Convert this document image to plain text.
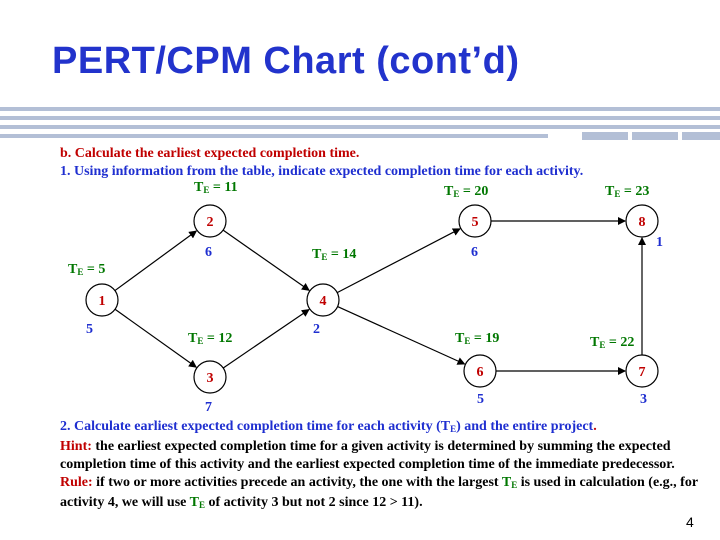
PERT/CPM Chart (cont’d)
b. Calculate the earliest expected completion time.
1. Using information from the table, indicate expected completion time for each activity.
1
2
3
4
5
6	7
8
5
$T_E = 5$
6
$T_E = 11$
7
$T_E = 12$
2
$T_E = 14$	6
$T_E = 20$
5
$T_E = 19$
3
$T_E = 22$
1
$T_E = 23$
2. Calculate earliest expected completion time for each activity $(T_E)$ and the entire project.
Hint: the earliest expected completion time for a given activity is determined by summing the expected completion time of this activity and the earliest expected completion time of the immediate predecessor.
Rule: if two or more activities precede an activity, the one with the largest $T_E$ is used in calculation (e.g., for activity 4, we will use $T_E$ of activity 3 but not 2 since 12 > 11).
4
